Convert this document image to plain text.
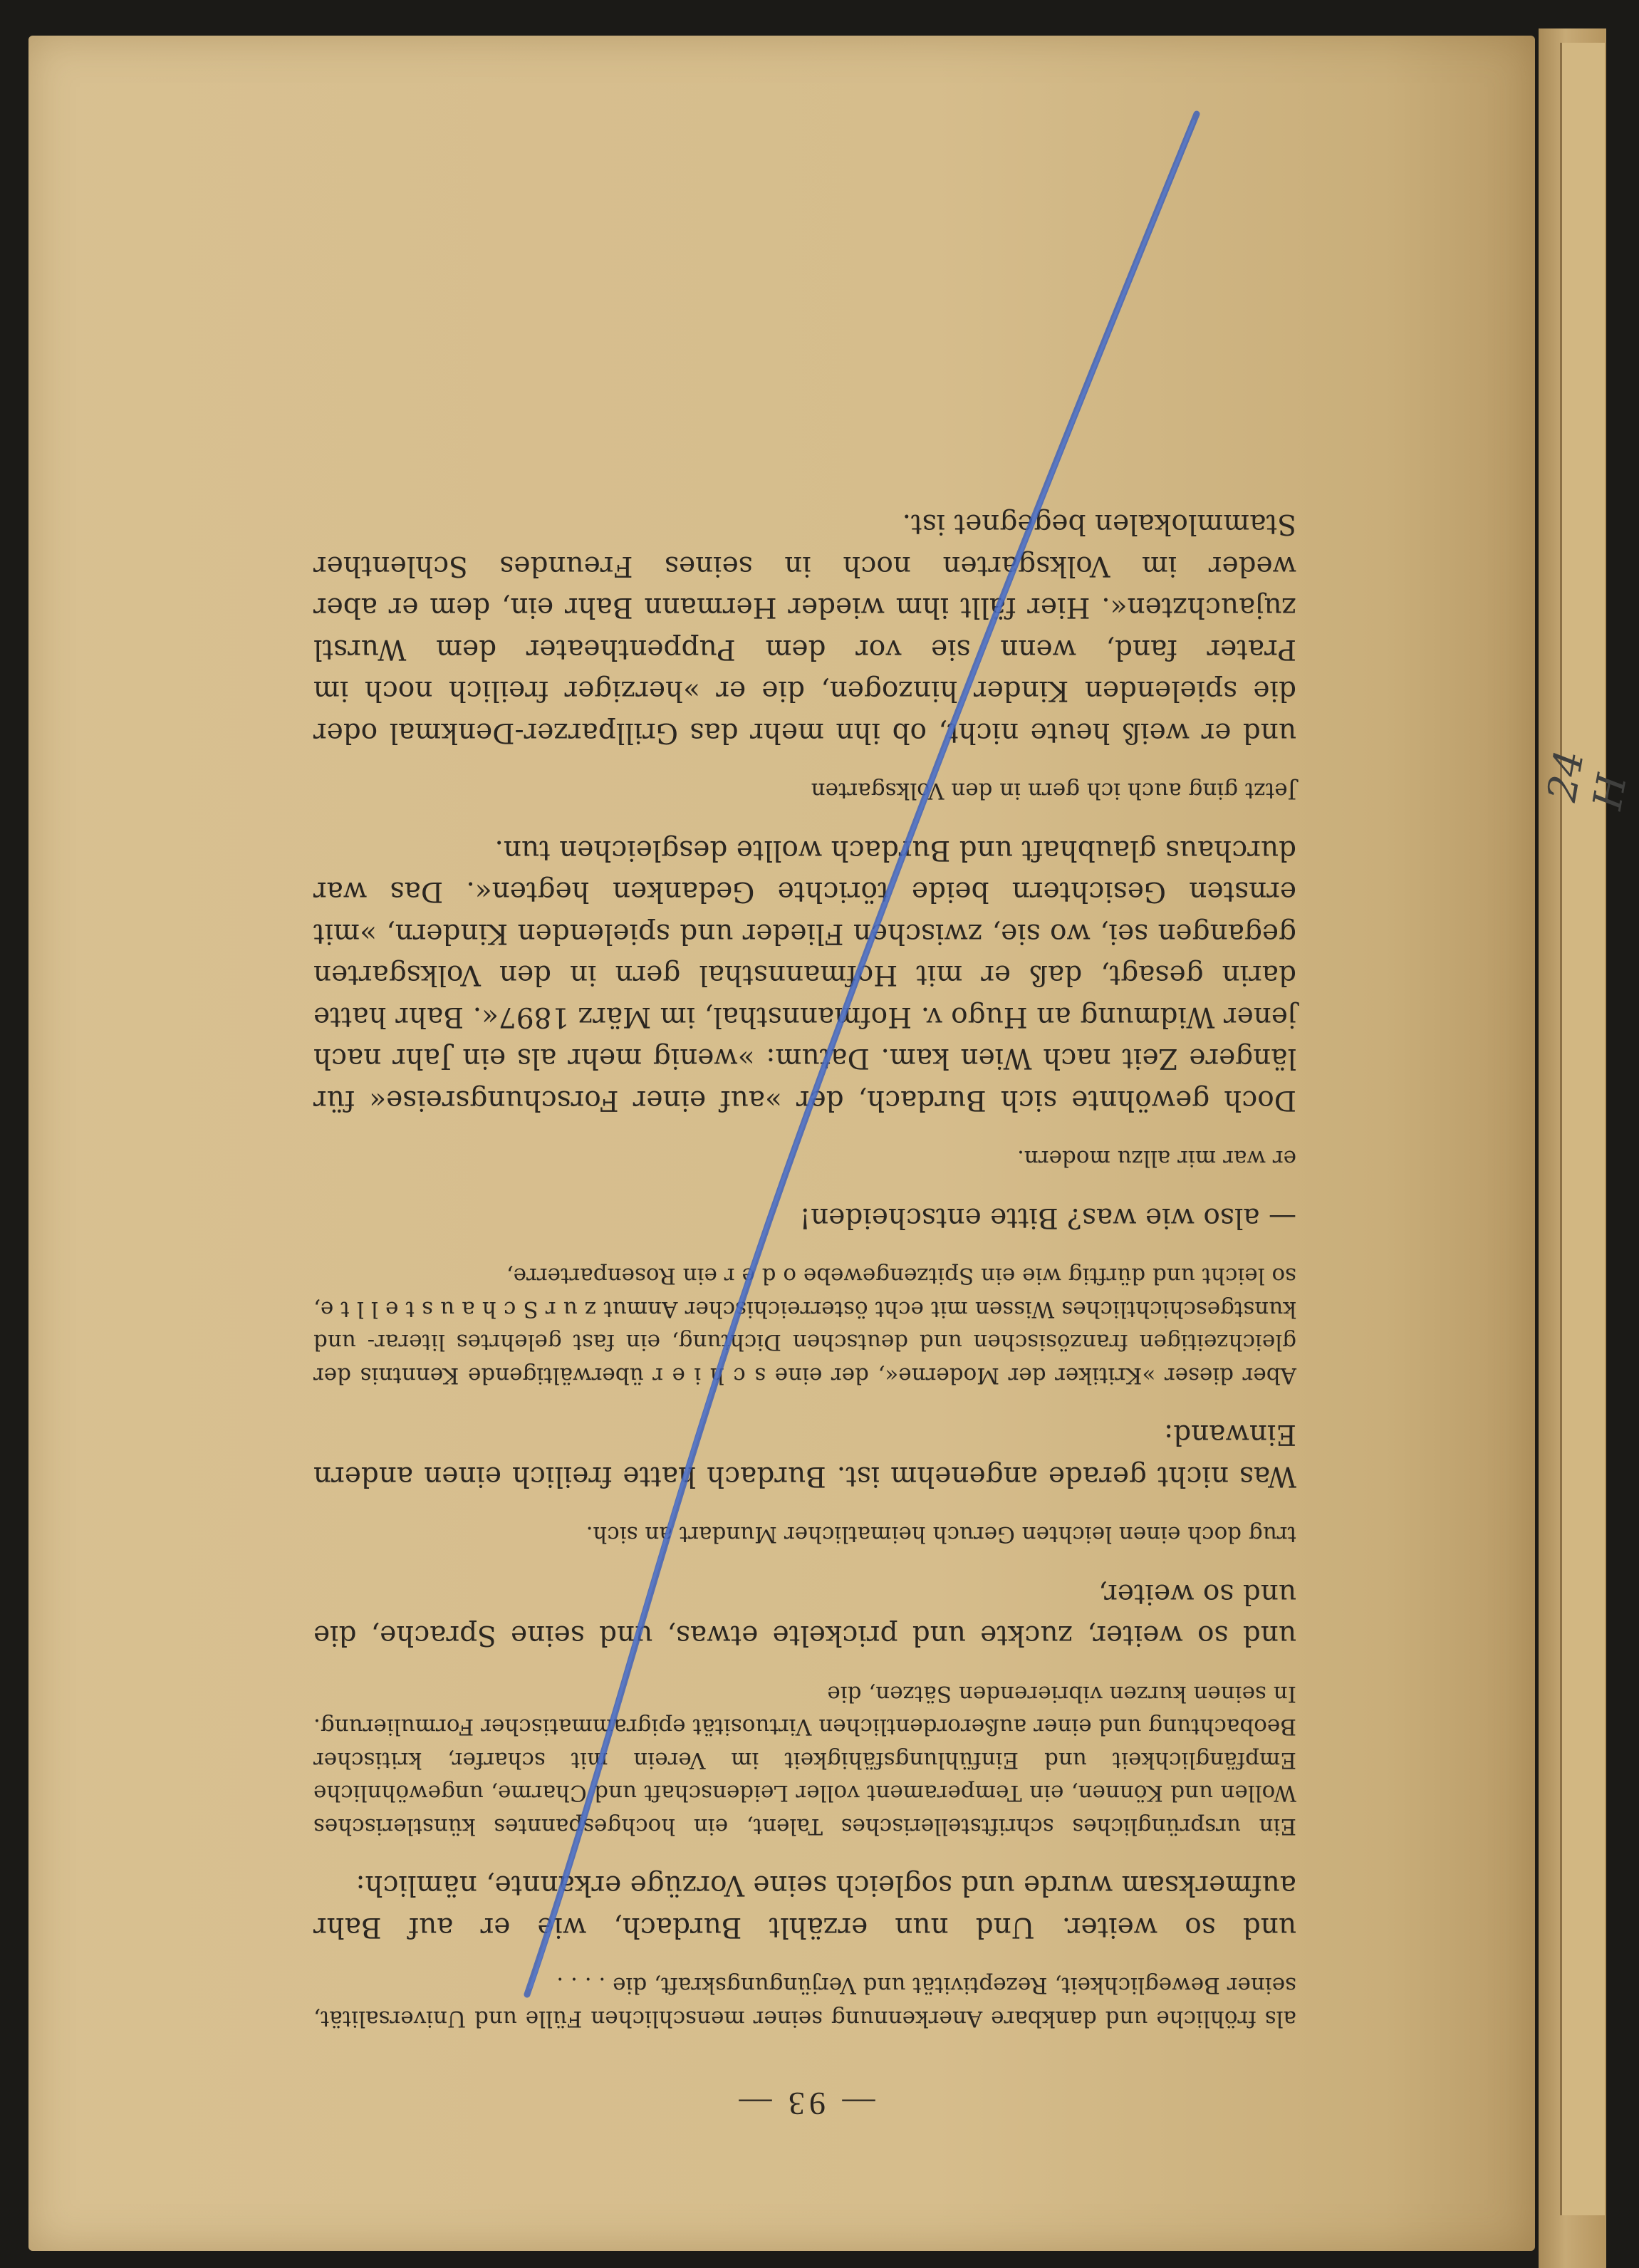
24 H
— 93 —

als fröhliche und dankbare Anerkennung seiner menschlichen Fülle und Universalität, seiner Beweglichkeit, Rezeptivität und Verjüngungskraft, die . . . .

und so weiter. Und nun erzählt Burdach, wie er auf Bahr aufmerksam wurde und sogleich seine Vorzüge erkannte, nämlich:

Ein ursprüngliches schriftstellerisches Talent, ein hochgespanntes künstlerisches Wollen und Können, ein Temperament voller Leidenschaft und Charme, ungewöhnliche Empfänglichkeit und Einfühlungsfähigkeit im Verein mit scharfer, kritischer Beobachtung und einer außerordentlichen Virtuosität epigrammatischer Formulierung. In seinen kurzen vibrierenden Sätzen, die

und so weiter, zuckte und prickelte etwas, und seine Sprache, die und so weiter,

trug doch einen leichten Geruch heimatlicher Mundart an sich.

Was nicht gerade angenehm ist. Burdach hatte freilich einen andern Einwand:

Aber dieser »Kritiker der Moderne«, der eine s c h i e r überwältigende Kenntnis der gleichzeitigen französischen und deutschen Dichtung, ein fast gelehrtes literar- und kunstgeschichtliches Wissen mit echt österreichischer Anmut z u r S c h a u s t e l l t e, so leicht und dürftig wie ein Spitzengewebe o d e r ein Rosenparterre,

— also wie was? Bitte entscheiden!

er war mir allzu modern.

Doch gewöhnte sich Burdach, der »auf einer Forschungsreise« für längere Zeit nach Wien kam. Datum: »wenig mehr als ein Jahr nach jener Widmung an Hugo v. Hofmannsthal, im März 1897«. Bahr hatte darin gesagt, daß er mit Hofmannsthal gern in den Volksgarten gegangen sei, wo sie, zwischen Flieder und spielenden Kindern, »mit ernsten Gesichtern beide törichte Gedanken hegten«. Das war durchaus glaubhaft und Burdach wollte desgleichen tun.

Jetzt ging auch ich gern in den Volksgarten

und er weiß heute nicht, ob ihn mehr das Grillparzer-Denkmal oder die spielenden Kinder hinzogen, die er »herziger freilich noch im Prater fand, wenn sie vor dem Puppentheater dem Wurstl zujauchzten«. Hier fällt ihm wieder Hermann Bahr ein, dem er aber weder im Volksgarten noch in seines Freundes Schlenther Stammlokalen begegnet ist.
